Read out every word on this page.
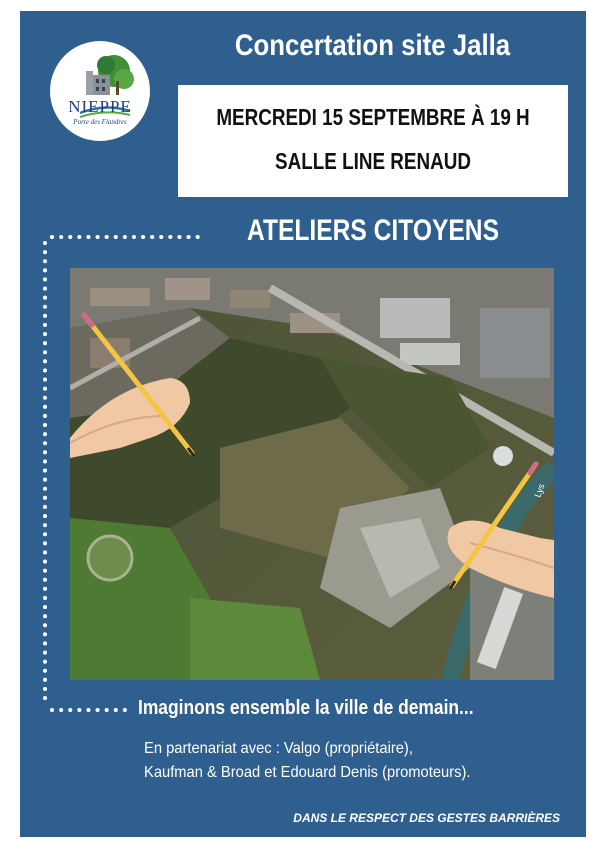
NIEPPE
Porte des Flandres
Concertation site Jalla
MERCREDI 15 SEPTEMBRE À 19 H
SALLE LINE RENAUD
ATELIERS CITOYENS
Lys
Imaginons ensemble la ville de demain...
En partenariat avec : Valgo (propriétaire),
Kaufman & Broad et Edouard Denis (promoteurs).
DANS LE RESPECT DES GESTES BARRIÈRES
